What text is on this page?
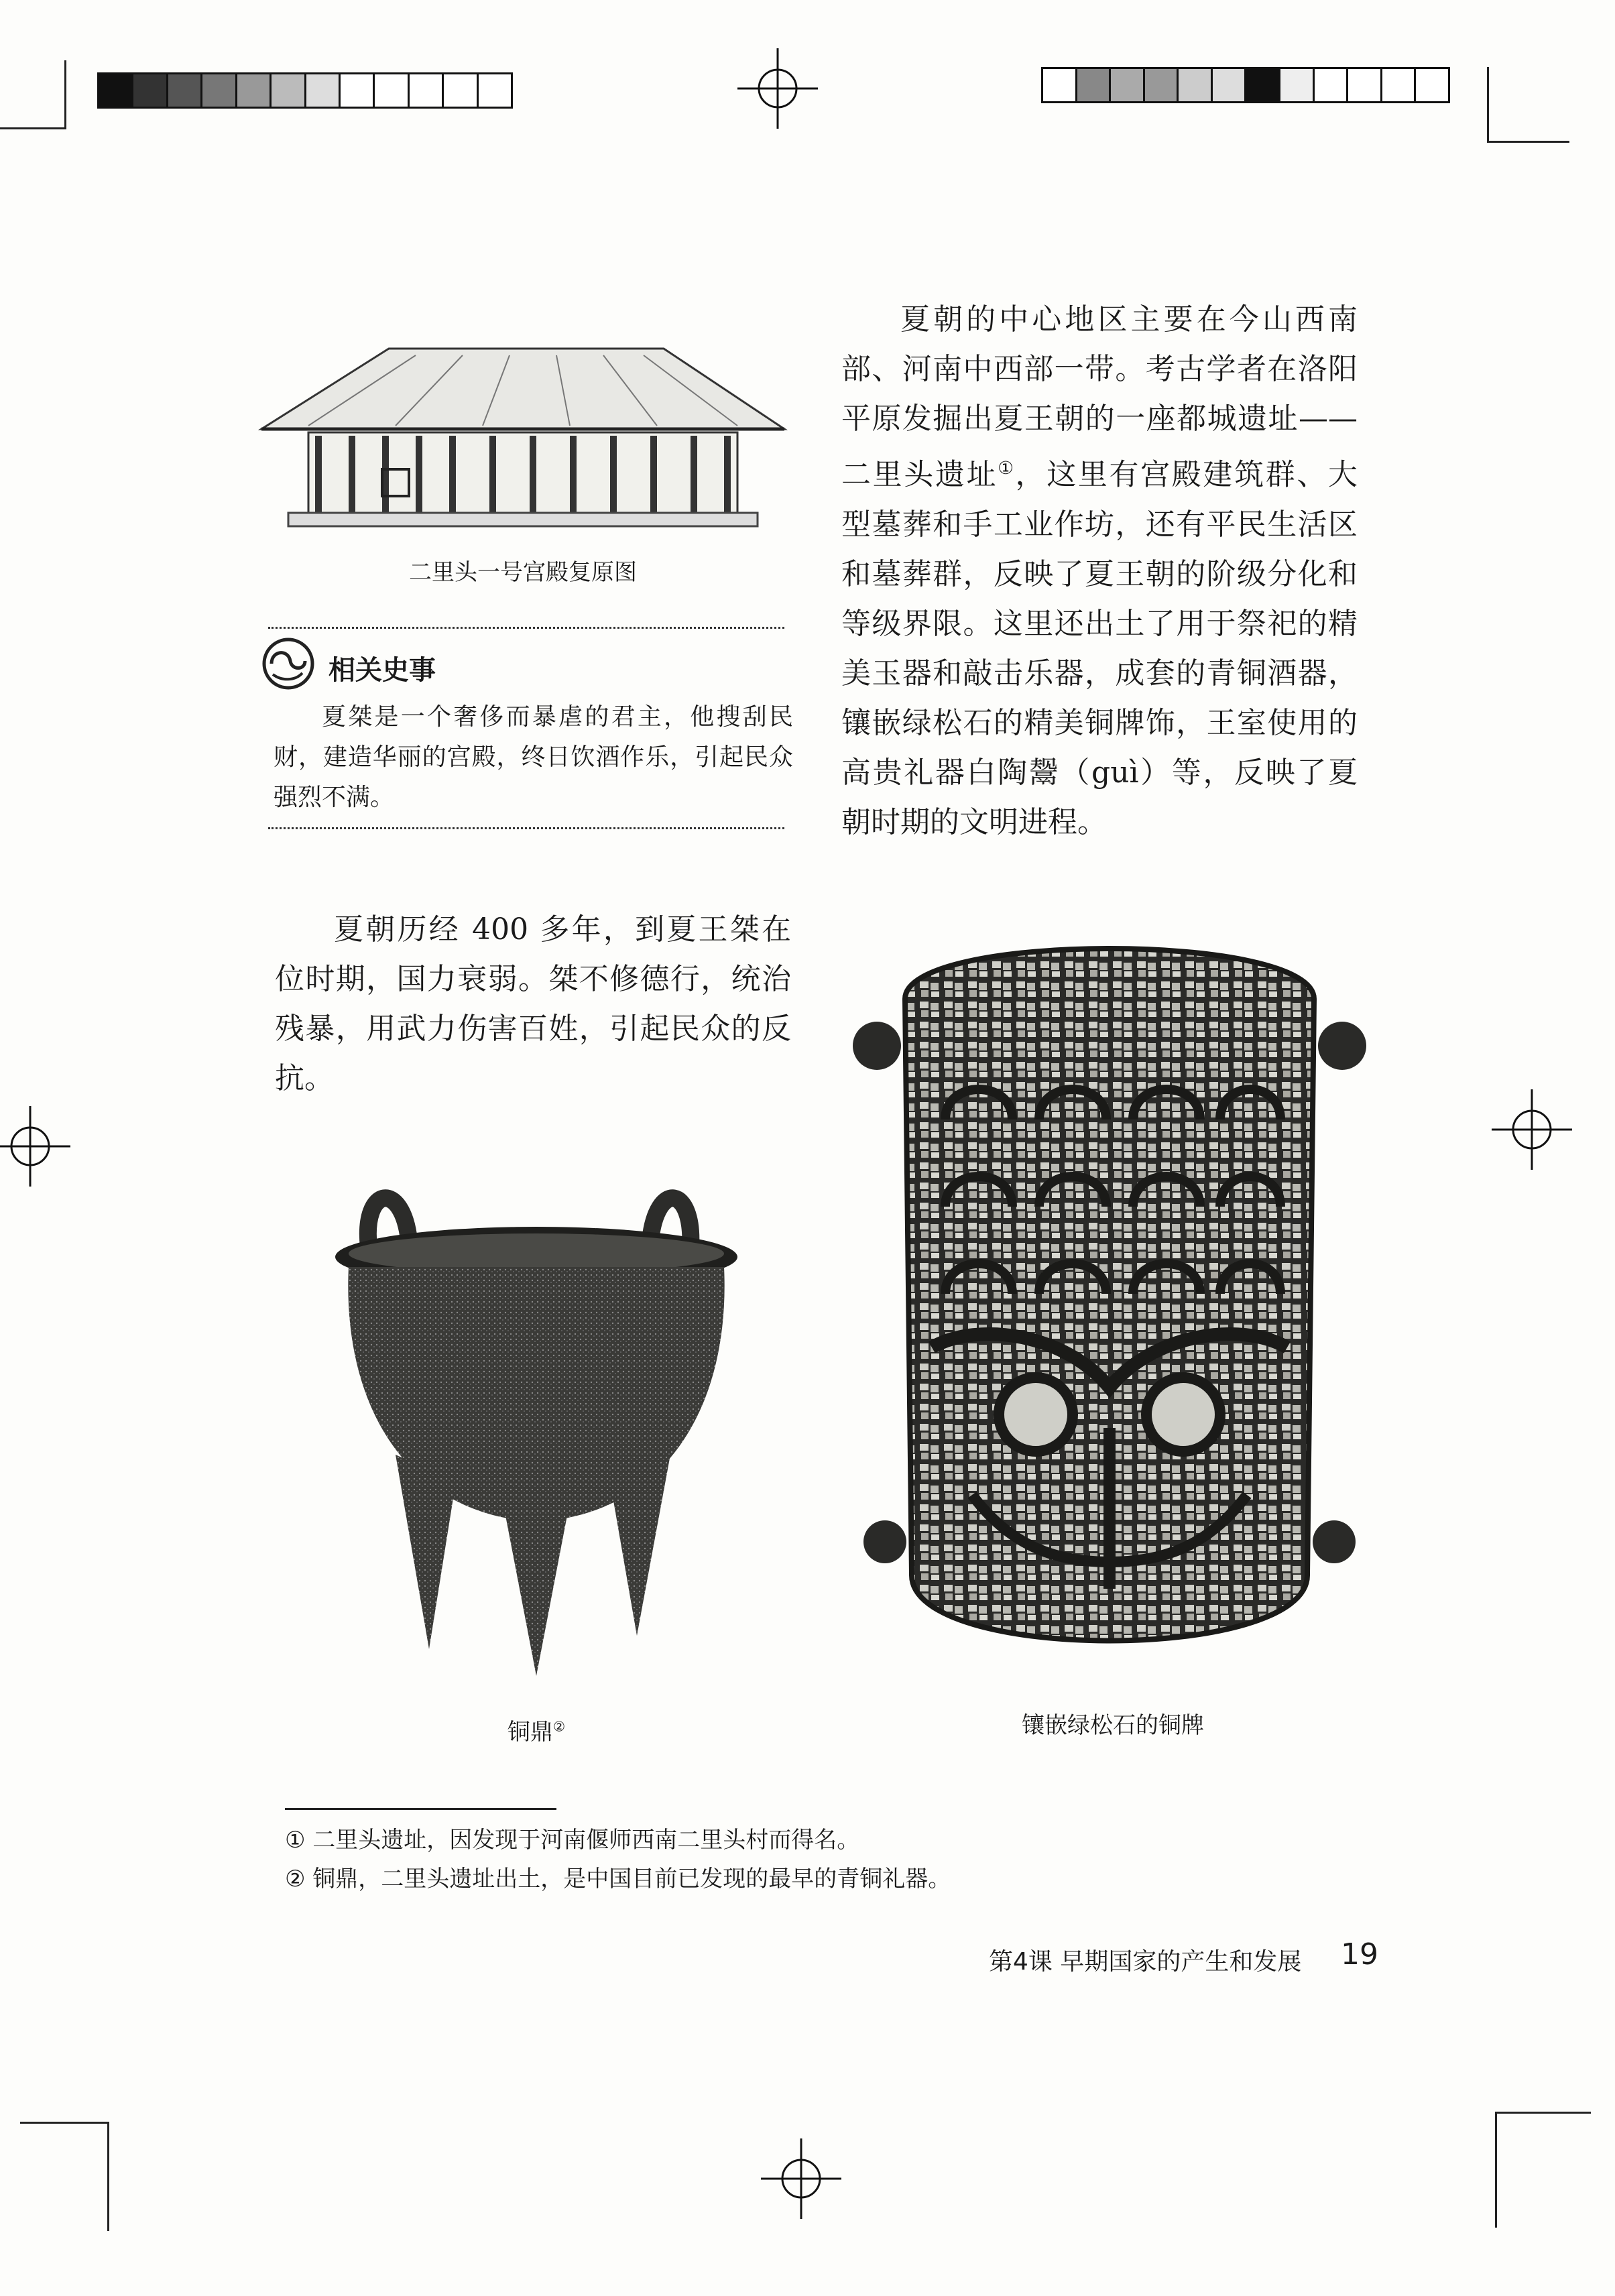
二里头一号宫殿复原图

夏朝的中心地区主要在今山西南部、河南中西部一带。考古学者在洛阳平原发掘出夏王朝的一座都城遗址——二里头遗址①，这里有宫殿建筑群、大型墓葬和手工业作坊，还有平民生活区和墓葬群，反映了夏王朝的阶级分化和等级界限。这里还出土了用于祭祀的精美玉器和敲击乐器，成套的青铜酒器，镶嵌绿松石的精美铜牌饰，王室使用的高贵礼器白陶鬶（guì）等，反映了夏朝时期的文明进程。

相关史事

夏桀是一个奢侈而暴虐的君主，他搜刮民财，建造华丽的宫殿，终日饮酒作乐，引起民众强烈不满。

夏朝历经 400 多年，到夏王桀在位时期，国力衰弱。桀不修德行，统治残暴，用武力伤害百姓，引起民众的反抗。

铜鼎②	镶嵌绿松石的铜牌
① 二里头遗址，因发现于河南偃师西南二里头村而得名。
② 铜鼎，二里头遗址出土，是中国目前已发现的最早的青铜礼器。
第4课 早期国家的产生和发展 19
